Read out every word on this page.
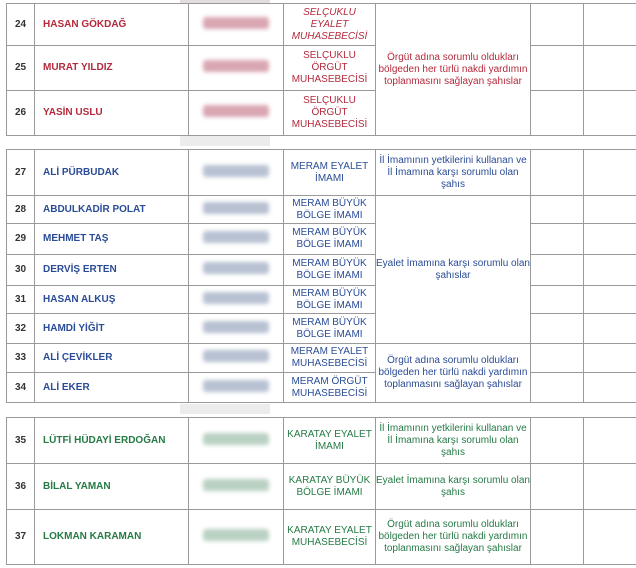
24	HASAN GÖKDAĞ		SELÇUKLU EYALET MUHASEBECİSİ	Örgüt adına sorumlu oldukları bölgeden her türlü nakdi yardımın toplanmasını sağlayan şahıslar		
25	MURAT YILDIZ		SELÇUKLU ÖRGÜT MUHASEBECİSİ			
26	YASİN USLU		SELÇUKLU ÖRGÜT MUHASEBECİSİ			
27	ALİ PÜRBUDAK		MERAM EYALET İMAMI	İl İmamının yetkilerini kullanan ve İl İmamına karşı sorumlu olan şahıs		
28	ABDULKADİR POLAT		MERAM BÜYÜK BÖLGE İMAMI	Eyalet İmamına karşı sorumlu olan şahıslar		
29	MEHMET TAŞ		MERAM BÜYÜK BÖLGE İMAMI			
30	DERVİŞ ERTEN		MERAM BÜYÜK BÖLGE İMAMI			
31	HASAN ALKUŞ		MERAM BÜYÜK BÖLGE İMAMI			
32	HAMDİ YİĞİT		MERAM BÜYÜK BÖLGE İMAMI			
33	ALİ ÇEVİKLER		MERAM EYALET MUHASEBECİSİ	Örgüt adına sorumlu oldukları bölgeden her türlü nakdi yardımın toplanmasını sağlayan şahıslar		
34	ALİ EKER		MERAM ÖRGÜT MUHASEBECİSİ			
35	LÜTFİ HÜDAYİ ERDOĞAN		KARATAY EYALET İMAMI	İl İmamının yetkilerini kullanan ve İl İmamına karşı sorumlu olan şahıs		
36	BİLAL YAMAN		KARATAY BÜYÜK BÖLGE İMAMI	Eyalet İmamına karşı sorumlu olan şahıs		
37	LOKMAN KARAMAN		KARATAY EYALET MUHASEBECİSİ	Örgüt adına sorumlu oldukları bölgeden her türlü nakdi yardımın toplanmasını sağlayan şahıslar		
